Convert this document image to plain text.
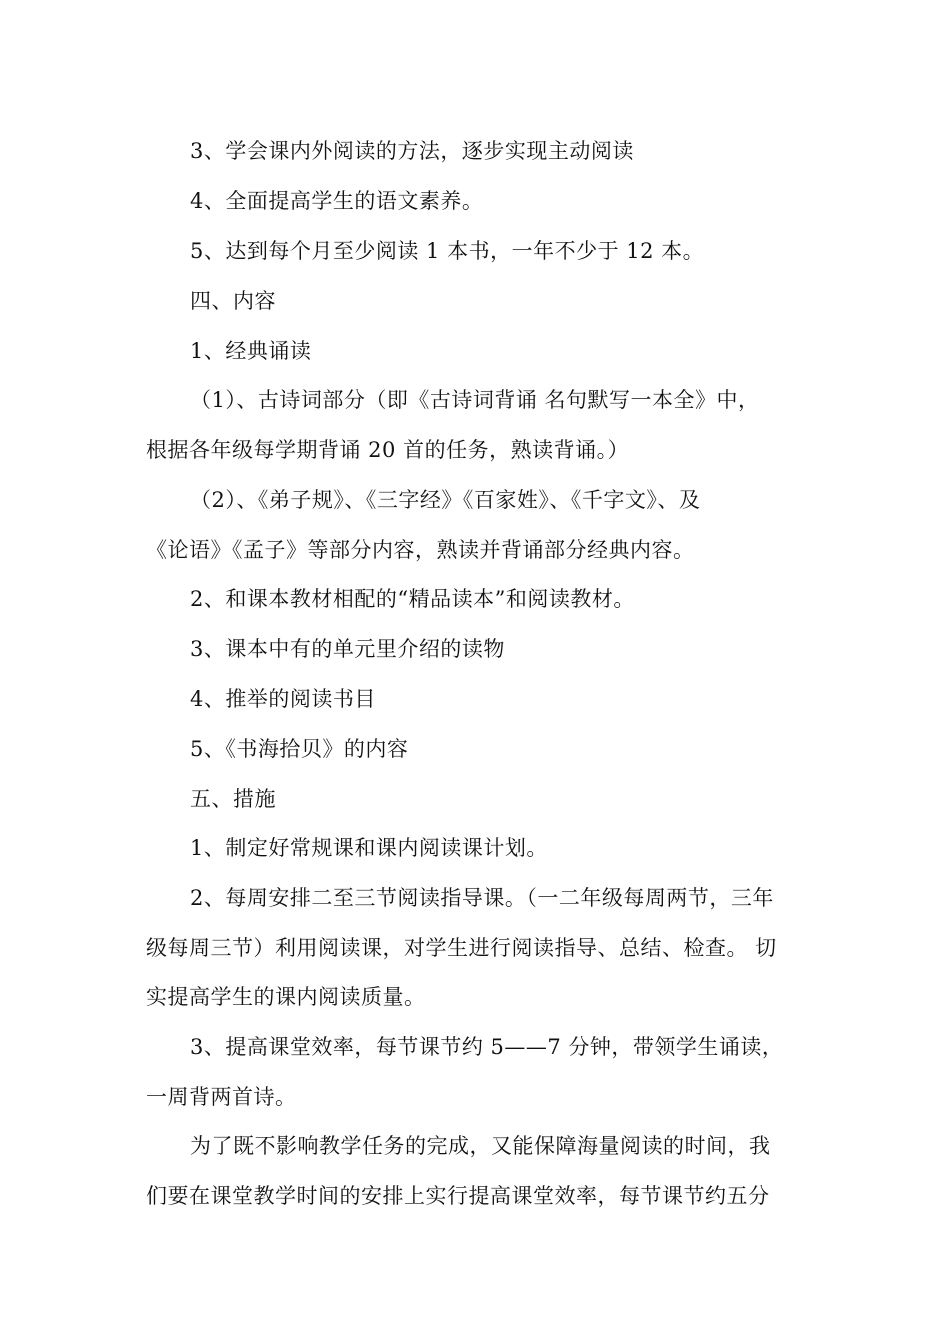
3、学会课内外阅读的方法，逐步实现主动阅读
4、全面提高学生的语文素养。
5、达到每个月至少阅读 1 本书，一年不少于 12 本。
四、内容
1、经典诵读
（1）、古诗词部分（即《古诗词背诵 名句默写一本全》中，
根据各年级每学期背诵 20 首的任务，熟读背诵。）
（2）、《弟子规》、《三字经》《百家姓》、《千字文》、及
《论语》《孟子》等部分内容，熟读并背诵部分经典内容。
2、和课本教材相配的“精品读本”和阅读教材。
3、课本中有的单元里介绍的读物
4、推举的阅读书目
5、《书海拾贝》的内容
五、措施
1、制定好常规课和课内阅读课计划。
2、每周安排二至三节阅读指导课。（一二年级每周两节，三年
级每周三节）利用阅读课，对学生进行阅读指导、总结、检查。 切
实提高学生的课内阅读质量。
3、提高课堂效率，每节课节约 5——7 分钟，带领学生诵读，
一周背两首诗。
为了既不影响教学任务的完成，又能保障海量阅读的时间，我
们要在课堂教学时间的安排上实行提高课堂效率，每节课节约五分
